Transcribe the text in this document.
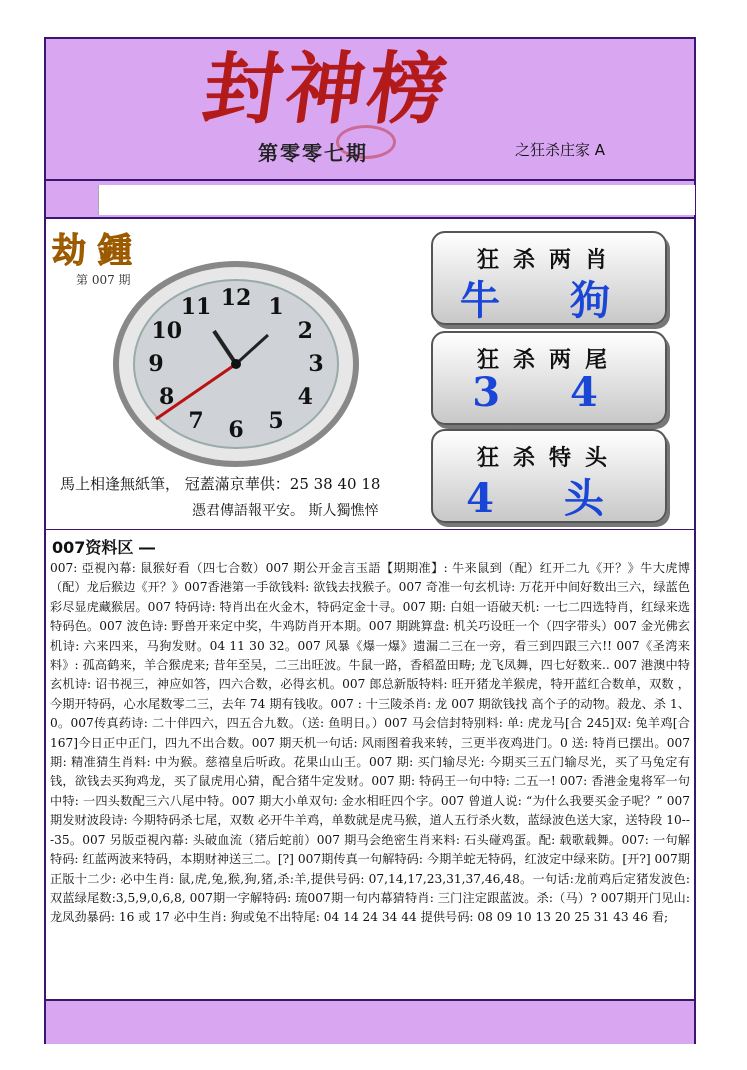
封神榜
第零零七期	之狂杀庄家 A
劫 鍾
第 007 期
12 1
2
3
4
5
6
7
8
9
10
11
馬上相逢無紙筆， 冠蓋滿京華供：25 38 40 18
憑君傳語報平安。 斯人獨憔悴
狂杀两肖
牛 狗
狂杀两尾
3 4
狂杀特头
4 头
007资料区 ―
007: 亞視內幕: 鼠猴好看（四七合数）007 期公开金言玉語【期期准】: 牛来鼠到（配）红开二九《开？》牛大虎博（配）龙后猴边《开？》007香港第一手欲钱料: 欲钱去找猴子。007 奇准一句玄机诗: 万花开中间好数出三六，绿蓝色彩尽显虎藏猴居。007 特码诗: 特肖出在火金木，特码定金十寻。007 期: 白姐一语破天机: 一七二四选特肖，红绿来选特码色。007 波色诗: 野兽开来定中奖，牛鸡防肖开本期。007 期跳算盘: 机关巧设旺一个（四字带头）007 金光佛玄机诗: 六来四来，马狗发财。04 11 30 32。007 风暴《爆一爆》遗漏二三在一旁，看三到四跟三六!! 007《圣湾来料》: 孤高鹤来，羊合猴虎来; 昔年至吴，二三出旺波。牛鼠一路，香稻盈田畴; 龙飞凤舞，四七好数来.. 007 港澳中特玄机诗: 诏书视三，神应如答，四六合数，必得玄机。007 郎总新版特料: 旺开猪龙羊猴虎，特开蓝红合数单，双数 ，今期开特码，心水尾数零二三，去年 74 期有钱收。007 : 十三陵杀肖: 龙 007 期欲钱找 高个子的动物。殺龙、杀 1、0。007传真药诗: 二十伴四六，四五合九数。（送: 鱼明日。）007 马会信封特别料: 单: 虎龙马[合 245]双: 兔羊鸡[合 167]今日正中正门，四九不出合数。007 期天机一句话: 风雨图着我来转，三更半夜鸡进门。0 送: 特肖已摆出。007 期: 精准猜生肖料: 中为猴。慈禧皇后听政。花果山山王。007 期: 买门输尽光: 今期买三五门输尽光，买了马兔定有钱，欲钱去买狗鸡龙，买了鼠虎用心猜，配合猪牛定发财。007 期: 特码王一句中特: 二五一! 007: 香港金鬼将军一句中特: 一四头数配三六八尾中特。007 期大小单双句: 金水相旺四个字。007 曾道人说: “为什么我要买金子呢？” 007 期发财波段诗: 今期特码杀七尾，双数 必开牛羊鸡，单数就是虎马猴，道人五行杀火数，蓝绿波色送大家，送特段 10---35。007 另版亞視內幕: 头破血流（猪后蛇前）007 期马会绝密生肖来料: 石头碰鸡蛋。配: 载歌载舞。007: 一句解特码: 红蓝两波来特码，本期财神送三二。[?] 007期传真一句解特码: 今期羊蛇无特码，红波定中绿来防。[开?] 007期正版十二少: 必中生肖: 鼠,虎,兔,猴,狗,猪,杀:羊,提供号码: 07,14,17,23,31,37,46,48。一句话:龙前鸡后定猪发波色: 双蓝绿尾数:3,5,9,0,6,8, 007期一字解特码: 琉007期一句内幕猜特肖: 三门注定跟蓝波。杀:（马）? 007期开门见山: 龙凤劲暴码: 16 或 17 必中生肖: 狗或兔不出特尾: 04 14 24 34 44 提供号码: 08 09 10 13 20 25 31 43 46 看;
